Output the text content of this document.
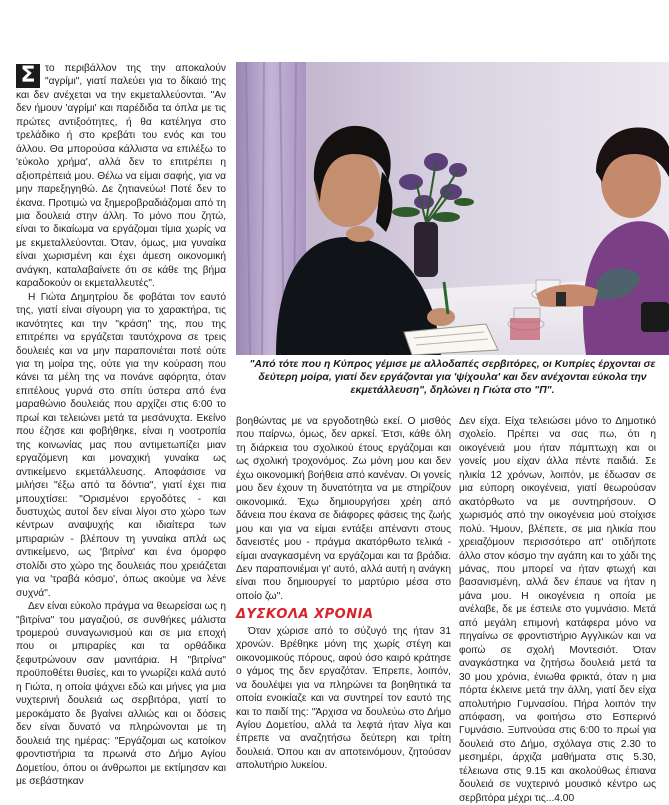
Σ το περιβάλλον της την αποκαλούν "αγρίμι", γιατί παλεύει για το δίκαιό της και δεν ανέχεται να την εκμεταλλεύονται. "Αν δεν ήμουν 'αγρίμι' και παρέδιδα τα όπλα με τις πρώτες αντιξοότητες, ή θα κατέληγα στο τρελάδικο ή στο κρεβάτι του ενός και του άλλου. Θα μπορούσα κάλλιστα να επιλέξω το 'εύκολο χρήμα', αλλά δεν το επιτρέπει η αξιοπρέπειά μου. Θέλω να είμαι σαφής, για να μην παρεξηγηθώ. Δε ζητιανεύω! Ποτέ δεν το έκανα. Προτιμώ να ξημεροβραδιάζομαι από τη μια δουλειά στην άλλη. Το μόνο που ζητώ, είναι το δικαίωμα να εργάζομαι τίμια χωρίς να με εκμεταλλεύονται. Όταν, όμως, μια γυναίκα είναι χωρισμένη και έχει άμεση οικονομική ανάγκη, καταλαβαίνετε ότι σε κάθε της βήμα καραδοκούν οι εκμεταλλευτές".

Η Γιώτα Δημητρίου δε φοβάται τον εαυτό της, γιατί είναι σίγουρη για το χαρακτήρα, τις ικανότητες και την "κράση" της, που της επιτρέπει να εργάζεται ταυτόχρονα σε τρεις δουλειές και να μην παραπονιέται ποτέ ούτε για τη μοίρα της, ούτε για την κούραση που κάνει τα μέλη της να πονάνε αφόρητα, όταν επιτέλους γυρνά στο σπίτι ύστερα από ένα μαραθώνιο δουλειάς που αρχίζει στις 6:00 το πρωί και τελειώνει μετά τα μεσάνυχτα. Εκείνο που έζησε και φοβήθηκε, είναι η νοοτροπία της κοινωνίας μας που αντιμετωπίζει μιαν εργαζόμενη και μοναχική γυναίκα ως αντικείμενο εκμετάλλευσης. Αποφάσισε να μιλήσει "έξω από τα δόντια", γιατί έχει πια μπουχτίσει: "Ορισμένοι εργοδότες - και δυστυχώς αυτοί δεν είναι λίγοι στο χώρο των κέντρων αναψυχής και ιδιαίτερα των μπιραριών - βλέπουν τη γυναίκα απλά ως αντικείμενο, ως 'βιτρίνα' και ένα όμορφο στολίδι στο χώρο της δουλειάς που χρειάζεται για να 'τραβά κόσμο', όπως ακούμε να λένε συχνά".

Δεν είναι εύκολο πράγμα να θεωρείσαι ως η "βιτρίνα" του μαγαζιού, σε συνθήκες μάλιστα τρομερού συναγωνισμού και σε μια εποχή που οι μπιραρίες και τα ορθάδικα ξεφυτρώνουν σαν μανιτάρια. Η "βιτρίνα" προϋποθέτει θυσίες, και το γνωρίζει καλά αυτό η Γιώτα, η οποία ψάχνει εδώ και μήνες για μια νυχτερινή δουλειά ως σερβιτόρα, γιατί το μεροκάματο δε βγαίνει αλλιώς και οι δόσεις δεν είναι δυνατό να πληρώνονται με τη δουλειά της ημέρας: "Εργάζομαι ως κατοίκον φροντιστήρια τα πρωινά στο Δήμο Αγίου Δομετίου, όπου οι άνθρωποι με εκτίμησαν και με σεβάστηκαν

"Από τότε που η Κύπρος γέμισε με αλλοδαπές σερβιτόρες, οι Κυπρίες έρχονται σε δεύτερη μοίρα, γιατί δεν εργάζονται για 'ψίχουλα' και δεν ανέχονται εύκολα την εκμετάλλευση", δηλώνει η Γιώτα στο "Π".

βοηθώντας με να εργοδοτηθώ εκεί. Ο μισθός που παίρνω, όμως, δεν αρκεί. Έτσι, κάθε όλη τη διάρκεια του σχολικού έτους εργάζομαι και ως σχολική τροχονόμος. Ζω μόνη μου και δεν έχω οικονομική βοήθεια από κανέναν. Οι γονείς μου δεν έχουν τη δυνατότητα να με στηρίζουν οικονομικά. Έχω δημιουργήσει χρέη από δάνεια που έκανα σε διάφορες φάσεις της ζωής μου και για να είμαι εντάξει απέναντι στους δανειστές μου - πράγμα ακατόρθωτο τελικά - είμαι αναγκασμένη να εργάζομαι και τα βράδια. Δεν παραπονιέμαι γι' αυτό, αλλά αυτή η ανάγκη είναι που δημιουργεί το μαρτύριο μέσα στο οποίο ζω".

ΔΥΣΚΟΛΑ ΧΡΟΝΙΑ

Όταν χώρισε από το σύζυγό της ήταν 31 χρονών. Βρέθηκε μόνη της χωρίς στέγη και οικονομικούς πόρους, αφού όσο καιρό κράτησε ο γάμος της δεν εργαζόταν. Έπρεπε, λοιπόν, να δουλέψει για να πληρώνει τα βοηθητικά τα οποία ενοικίαζε και να συντηρεί τον εαυτό της και το παιδί της: "Άρχισα να δουλεύω στο Δήμο Αγίου Δομετίου, αλλά τα λεφτά ήταν λίγα και έπρεπε να αναζητήσω δεύτερη και τρίτη δουλειά. Όπου και αν αποτεινόμουν, ζητούσαν απολυτήριο λυκείου.

Δεν είχα. Είχα τελειώσει μόνο το Δημοτικό σχολείο. Πρέπει να σας πω, ότι η οικογένειά μου ήταν πάμπτωχη και οι γονείς μου είχαν άλλα πέντε παιδιά. Σε ηλικία 12 χρόνων, λοιπόν, με έδωσαν σε μια εύπορη οικογένεια, γιατί θεωρούσαν ακατόρθωτο να με συντηρήσουν. Ο χωρισμός από την οικογένεια μού στοίχισε πολύ. Ήμουν, βλέπετε, σε μια ηλικία που χρειαζόμουν περισσότερο απ' οτιδήποτε άλλο στον κόσμο την αγάπη και το χάδι της μάνας, που μπορεί να ήταν φτωχή και βασανισμένη, αλλά δεν έπαυε να ήταν η μάνα μου. Η οικογένεια η οποία με ανέλαβε, δε με έστειλε στο γυμνάσιο. Μετά από μεγάλη επιμονή κατάφερα μόνο να πηγαίνω σε φροντιστήριο Αγγλικών και να φοιτώ σε σχολή Μοντεσιότ. Όταν αναγκάστηκα να ζητήσω δουλειά μετά τα 30 μου χρόνια, ένιωθα φρικτά, όταν η μια πόρτα έκλεινε μετά την άλλη, γιατί δεν είχα απολυτήριο Γυμνασίου. Πήρα λοιπόν την απόφαση, να φοιτήσω στο Εσπερινό Γυμνάσιο. Ξυπνούσα στις 6:00 το πρωί για δουλειά στο Δήμο, σχόλαγα στις 2.30 το μεσημέρι, άρχιζα μαθήματα στις 5.30, τέλειωνα στις 9.15 και ακολούθως έπιανα δουλειά σε νυχτερινό μουσικό κέντρο ως σερβιτόρα μέχρι τις...4.00
